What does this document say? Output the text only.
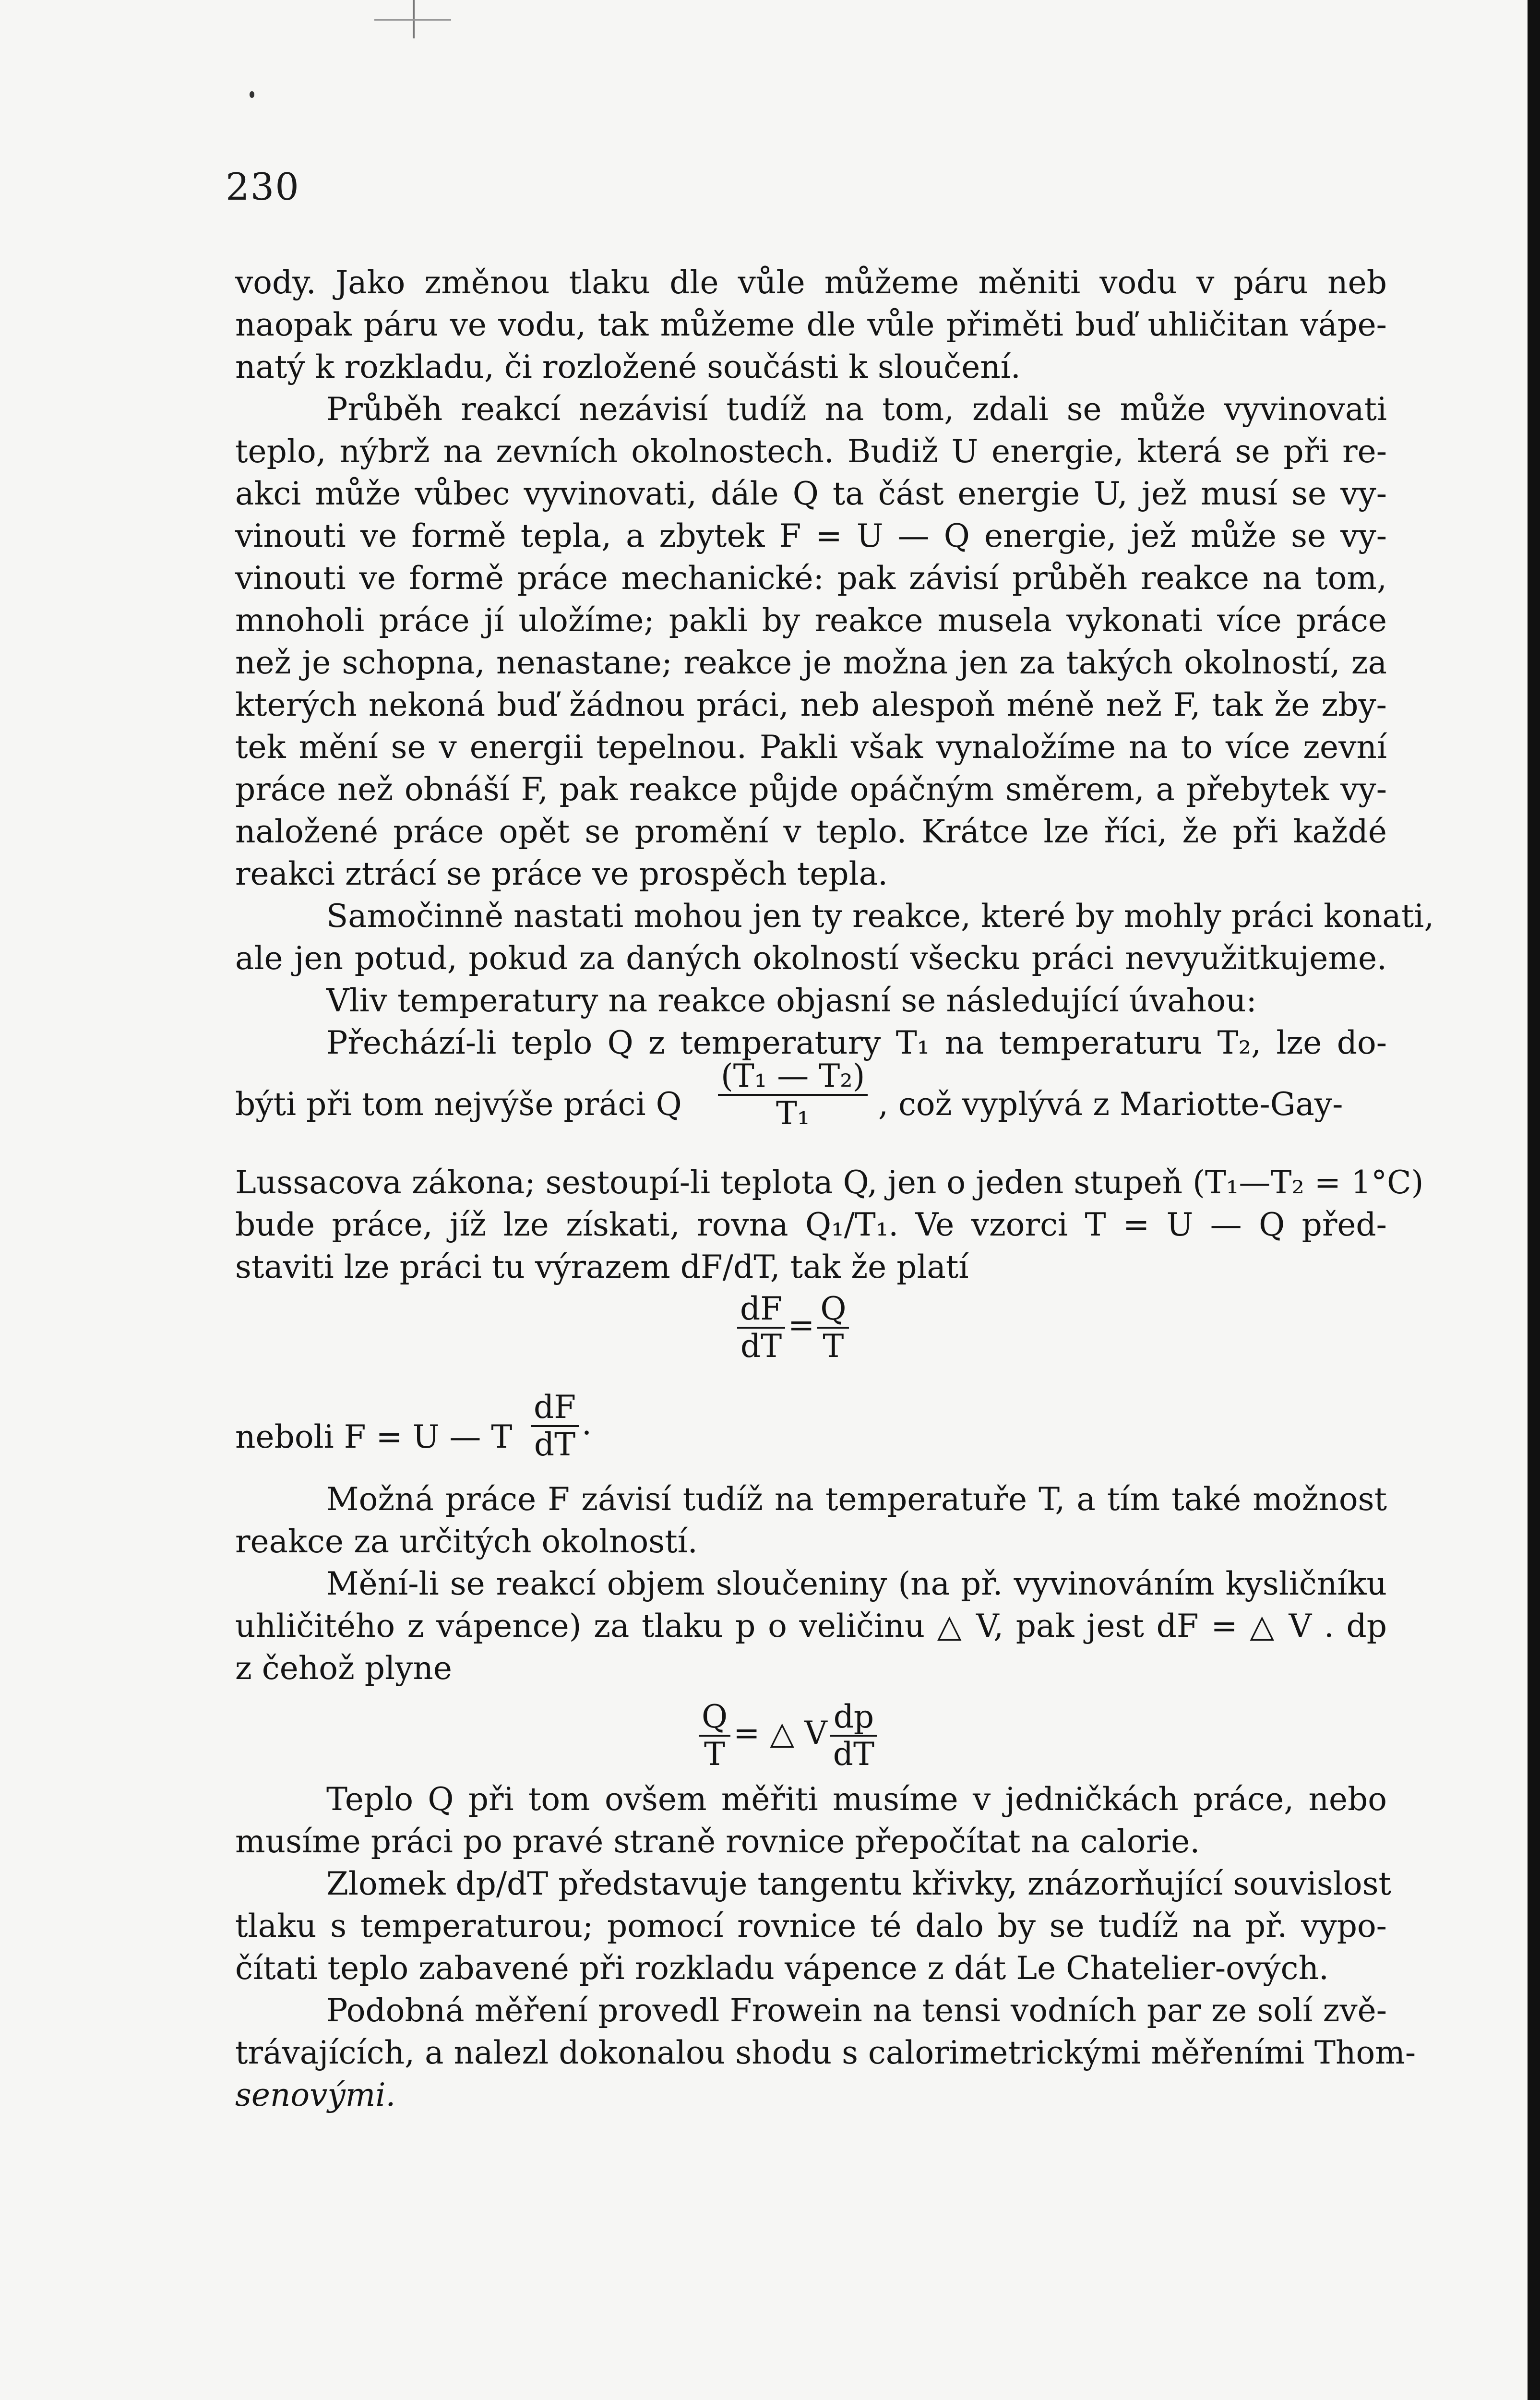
230
vody. Jako změnou tlaku dle vůle můžeme měniti vodu v páru neb
naopak páru ve vodu, tak můžeme dle vůle přiměti buď uhličitan vápe-
natý k rozkladu, či rozložené součásti k sloučení.
Průběh reakcí nezávisí tudíž na tom, zdali se může vyvinovati
teplo, nýbrž na zevních okolnostech. Budiž U energie, která se při re-
akci může vůbec vyvinovati, dále Q ta část energie U, jež musí se vy-
vinouti ve formě tepla, a zbytek F = U — Q energie, jež může se vy-
vinouti ve formě práce mechanické: pak závisí průběh reakce na tom,
mnoholi práce jí uložíme; pakli by reakce musela vykonati více práce
než je schopna, nenastane; reakce je možna jen za takých okolností, za
kterých nekoná buď žádnou práci, neb alespoň méně než F, tak že zby-
tek mění se v energii tepelnou. Pakli však vynaložíme na to více zevní
práce než obnáší F, pak reakce půjde opáčným směrem, a přebytek vy-
naložené práce opět se promění v teplo. Krátce lze říci, že při každé
reakci ztrácí se práce ve prospěch tepla.
Samočinně nastati mohou jen ty reakce, které by mohly práci konati,
ale jen potud, pokud za daných okolností všecku práci nevyužitkujeme.
Vliv temperatury na reakce objasní se následující úvahou:
Přechází-li teplo Q z temperatury T₁ na temperaturu T₂, lze do-
býti při tom nejvýše práci Q $\frac{\text{(T₁ — T₂)}}{\text{T₁}}$ , což vyplývá z Mariotte-Gay-
Lussacova zákona; sestoupí-li teplota Q, jen o jeden stupeň (T₁—T₂ = 1°C)
bude práce, jíž lze získati, rovna Q₁/T₁. Ve vzorci T = U — Q před-
staviti lze práci tu výrazem dF/dT, tak že platí
$\frac{dF}{dT} = \frac{Q}{T}$
neboli F = U — T $\frac{dF}{dT}$ .
Možná práce F závisí tudíž na temperatuře T, a tím také možnost
reakce za určitých okolností.
Mění-li se reakcí objem sloučeniny (na př. vyvinováním kysličníku
uhličitého z vápence) za tlaku p o veličinu △ V, pak jest dF = △ V . dp
z čehož plyne
$\frac{Q}{T}$ = △ V $\frac{dp}{dT}$
Teplo Q při tom ovšem měřiti musíme v jedničkách práce, nebo
musíme práci po pravé straně rovnice přepočítat na calorie.
Zlomek dp/dT představuje tangentu křivky, znázorňující souvislost
tlaku s temperaturou; pomocí rovnice té dalo by se tudíž na př. vypo-
čítati teplo zabavené při rozkladu vápence z dát Le Chatelier-ových.
Podobná měření provedl Frowein na tensi vodních par ze solí zvě-
trávajících, a nalezl dokonalou shodu s calorimetrickými měřeními Thom-
senovými.
